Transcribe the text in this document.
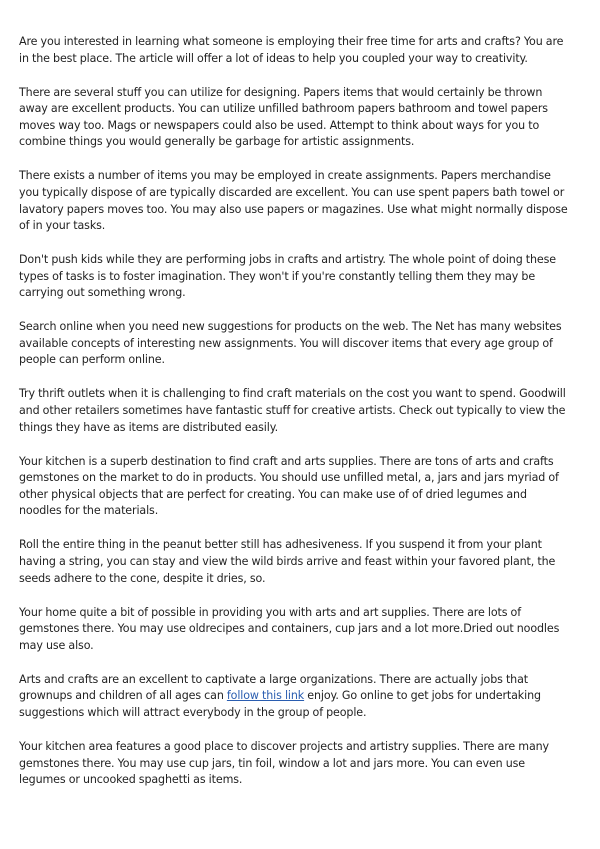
Are you interested in learning what someone is employing their free time for arts and crafts? You are in the best place. The article will offer a lot of ideas to help you coupled your way to creativity.

There are several stuff you can utilize for designing. Papers items that would certainly be thrown away are excellent products. You can utilize unfilled bathroom papers bathroom and towel papers moves way too. Mags or newspapers could also be used. Attempt to think about ways for you to combine things you would generally be garbage for artistic assignments.

There exists a number of items you may be employed in create assignments. Papers merchandise you typically dispose of are typically discarded are excellent. You can use spent papers bath towel or lavatory papers moves too. You may also use papers or magazines. Use what might normally dispose of in your tasks.

Don't push kids while they are performing jobs in crafts and artistry. The whole point of doing these types of tasks is to foster imagination. They won't if you're constantly telling them they may be carrying out something wrong.

Search online when you need new suggestions for products on the web. The Net has many websites available concepts of interesting new assignments. You will discover items that every age group of people can perform online.

Try thrift outlets when it is challenging to find craft materials on the cost you want to spend. Goodwill and other retailers sometimes have fantastic stuff for creative artists. Check out typically to view the things they have as items are distributed easily.

Your kitchen is a superb destination to find craft and arts supplies. There are tons of arts and crafts gemstones on the market to do in products. You should use unfilled metal, a, jars and jars myriad of other physical objects that are perfect for creating. You can make use of of dried legumes and noodles for the materials.

Roll the entire thing in the peanut better still has adhesiveness. If you suspend it from your plant having a string, you can stay and view the wild birds arrive and feast within your favored plant, the seeds adhere to the cone, despite it dries, so.

Your home quite a bit of possible in providing you with arts and art supplies. There are lots of gemstones there. You may use oldrecipes and containers, cup jars and a lot more.Dried out noodles may use also.

Arts and crafts are an excellent to captivate a large organizations. There are actually jobs that grownups and children of all ages can follow this link enjoy. Go online to get jobs for undertaking suggestions which will attract everybody in the group of people.

Your kitchen area features a good place to discover projects and artistry supplies. There are many gemstones there. You may use cup jars, tin foil, window a lot and jars more. You can even use legumes or uncooked spaghetti as items.
